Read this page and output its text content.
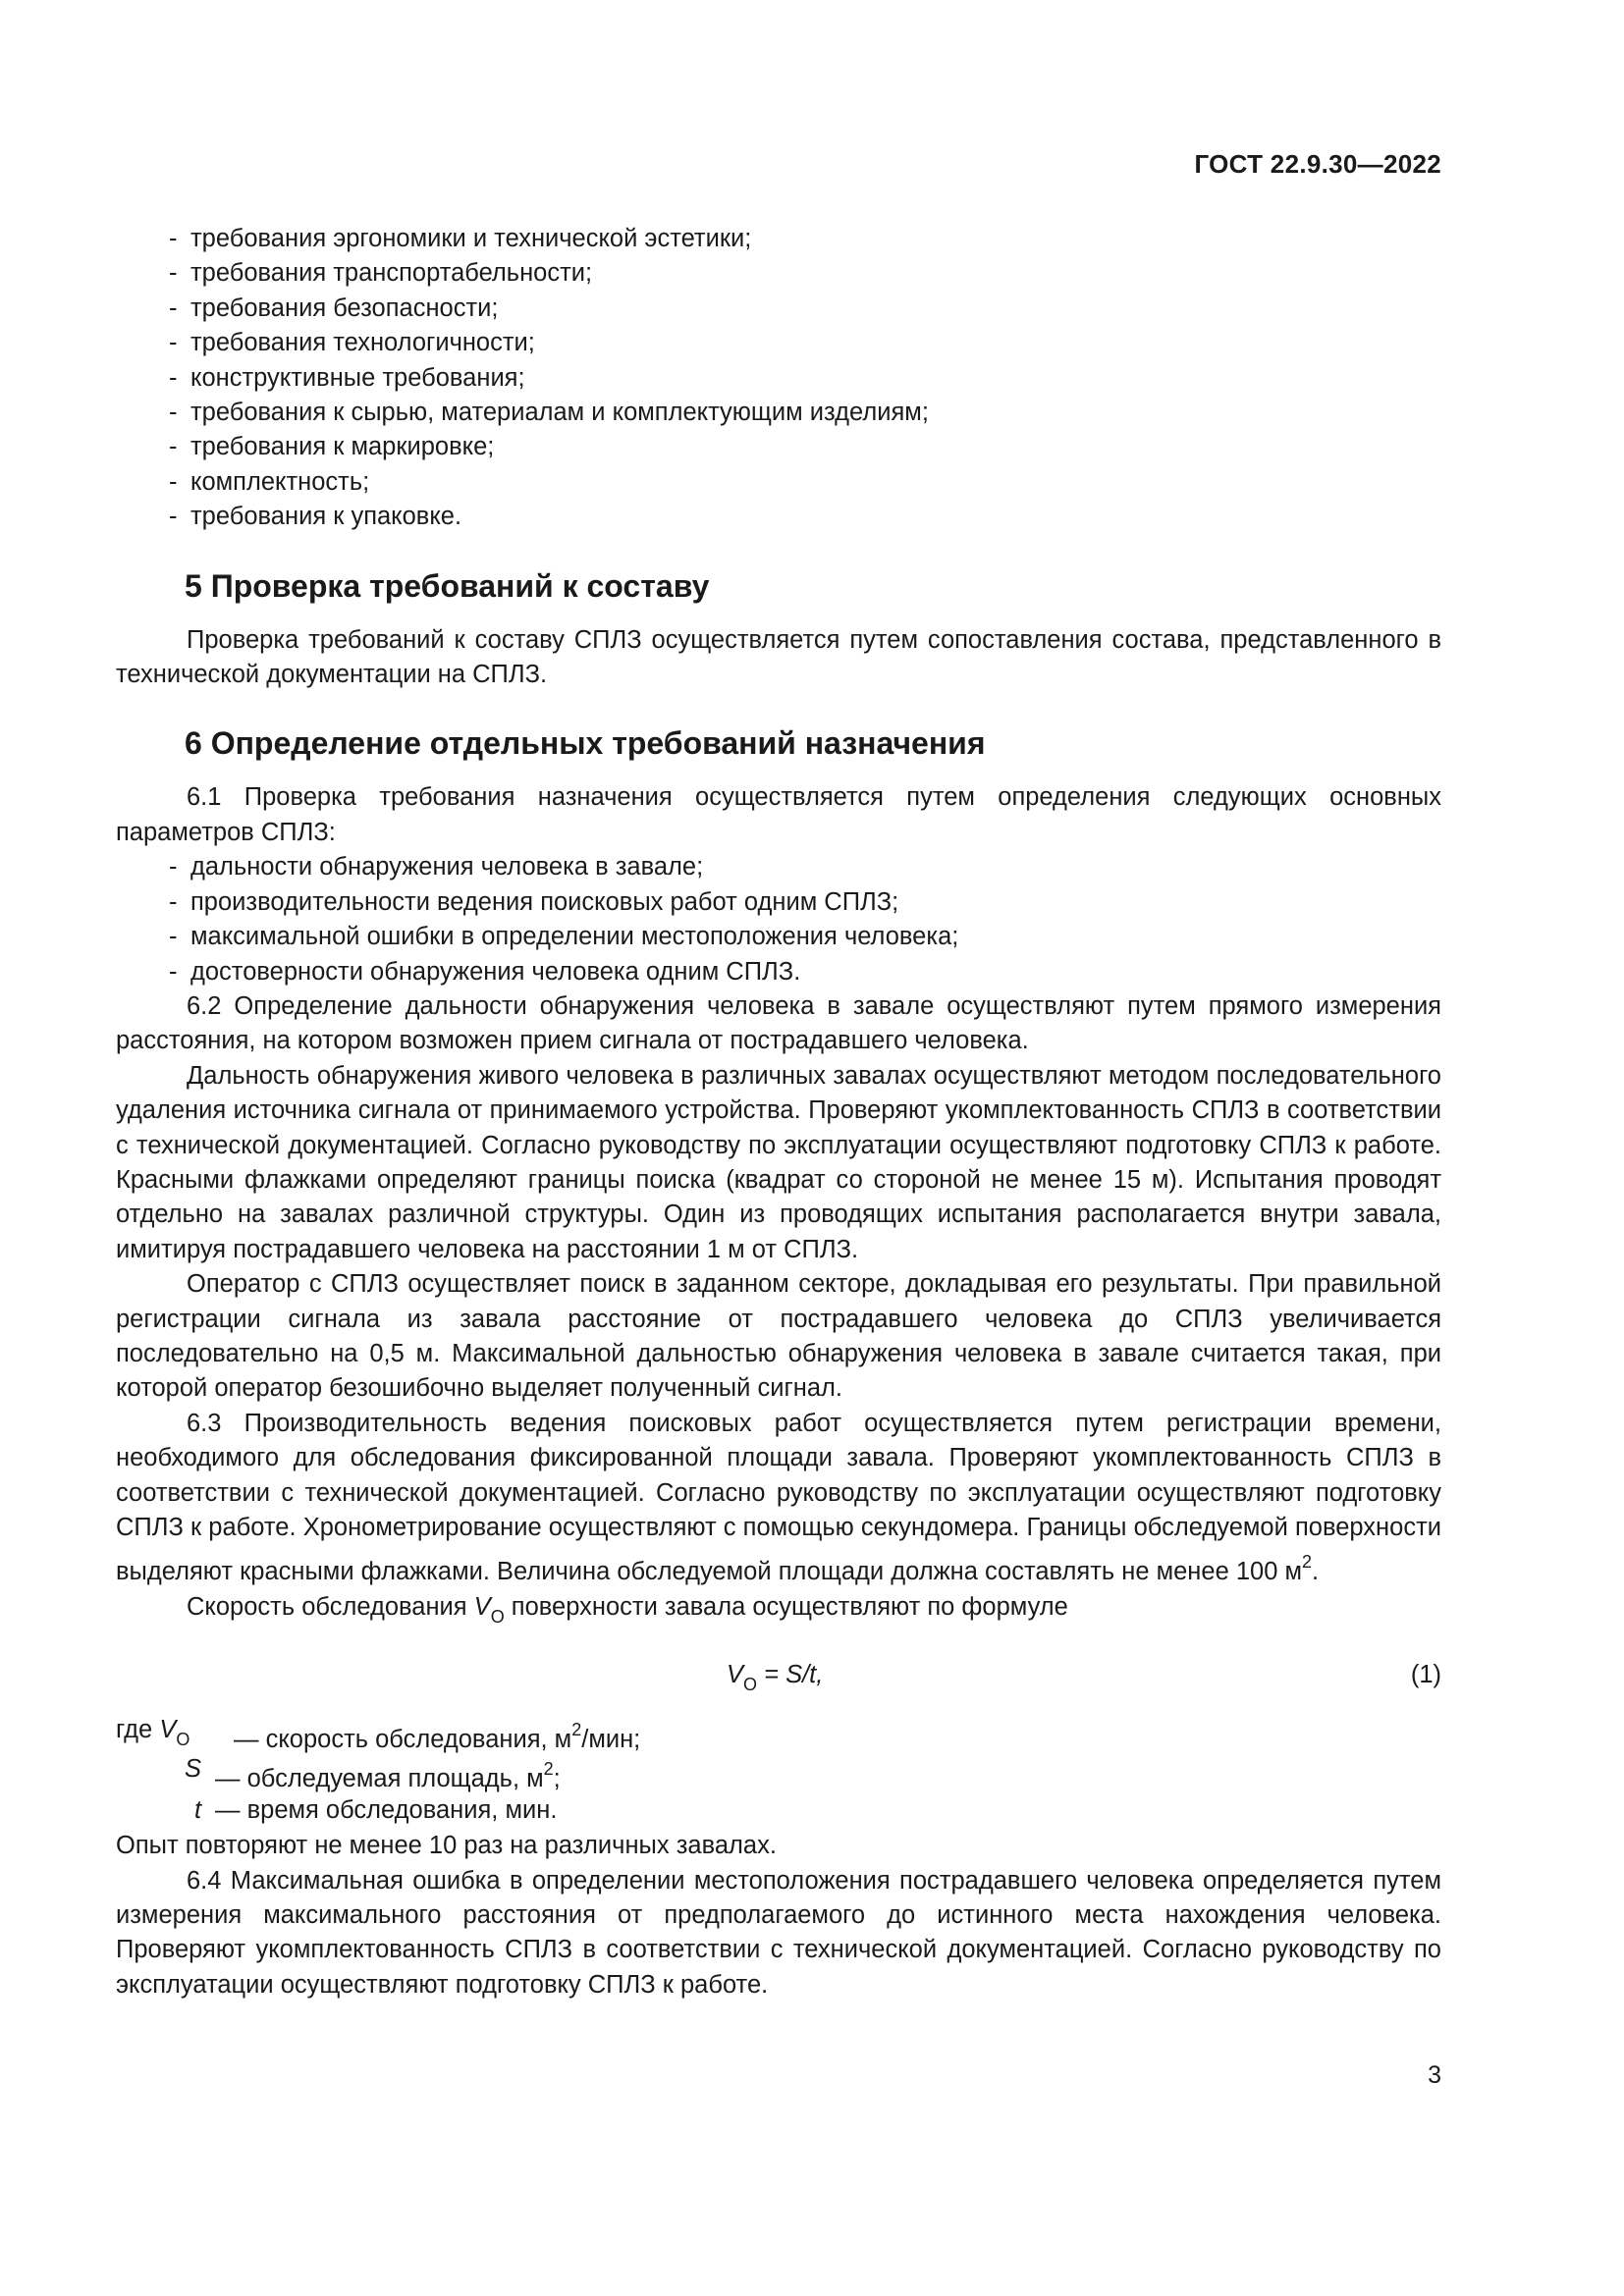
ГОСТ 22.9.30—2022
- требования эргономики и технической эстетики;
- требования транспортабельности;
- требования безопасности;
- требования технологичности;
- конструктивные требования;
- требования к сырью, материалам и комплектующим изделиям;
- требования к маркировке;
- комплектность;
- требования к упаковке.
5 Проверка требований к составу
Проверка требований к составу СПЛЗ осуществляется путем сопоставления состава, представленного в технической документации на СПЛЗ.
6 Определение отдельных требований назначения
6.1 Проверка требования назначения осуществляется путем определения следующих основных параметров СПЛЗ:
- дальности обнаружения человека в завале;
- производительности ведения поисковых работ одним СПЛЗ;
- максимальной ошибки в определении местоположения человека;
- достоверности обнаружения человека одним СПЛЗ.
6.2 Определение дальности обнаружения человека в завале осуществляют путем прямого измерения расстояния, на котором возможен прием сигнала от пострадавшего человека.
Дальность обнаружения живого человека в различных завалах осуществляют методом последовательного удаления источника сигнала от принимаемого устройства. Проверяют укомплектованность СПЛЗ в соответствии с технической документацией. Согласно руководству по эксплуатации осуществляют подготовку СПЛЗ к работе. Красными флажками определяют границы поиска (квадрат со стороной не менее 15 м). Испытания проводят отдельно на завалах различной структуры. Один из проводящих испытания располагается внутри завала, имитируя пострадавшего человека на расстоянии 1 м от СПЛЗ.
Оператор с СПЛЗ осуществляет поиск в заданном секторе, докладывая его результаты. При правильной регистрации сигнала из завала расстояние от пострадавшего человека до СПЛЗ увеличивается последовательно на 0,5 м. Максимальной дальностью обнаружения человека в завале считается такая, при которой оператор безошибочно выделяет полученный сигнал.
6.3 Производительность ведения поисковых работ осуществляется путем регистрации времени, необходимого для обследования фиксированной площади завала. Проверяют укомплектованность СПЛЗ в соответствии с технической документацией. Согласно руководству по эксплуатации осуществляют подготовку СПЛЗ к работе. Хронометрирование осуществляют с помощью секундомера. Границы обследуемой поверхности выделяют красными флажками. Величина обследуемой площади должна составлять не менее 100 $м^2$.
Скорость обследования $V_O$ поверхности завала осуществляют по формуле
$V_O = S/t$,	(1)
где $V_O$ — скорость обследования, $м^2$/мин;
S — обследуемая площадь, $м^2$;
t — время обследования, мин.
Опыт повторяют не менее 10 раз на различных завалах.
6.4 Максимальная ошибка в определении местоположения пострадавшего человека определяется путем измерения максимального расстояния от предполагаемого до истинного места нахождения человека. Проверяют укомплектованность СПЛЗ в соответствии с технической документацией. Согласно руководству по эксплуатации осуществляют подготовку СПЛЗ к работе.
3
